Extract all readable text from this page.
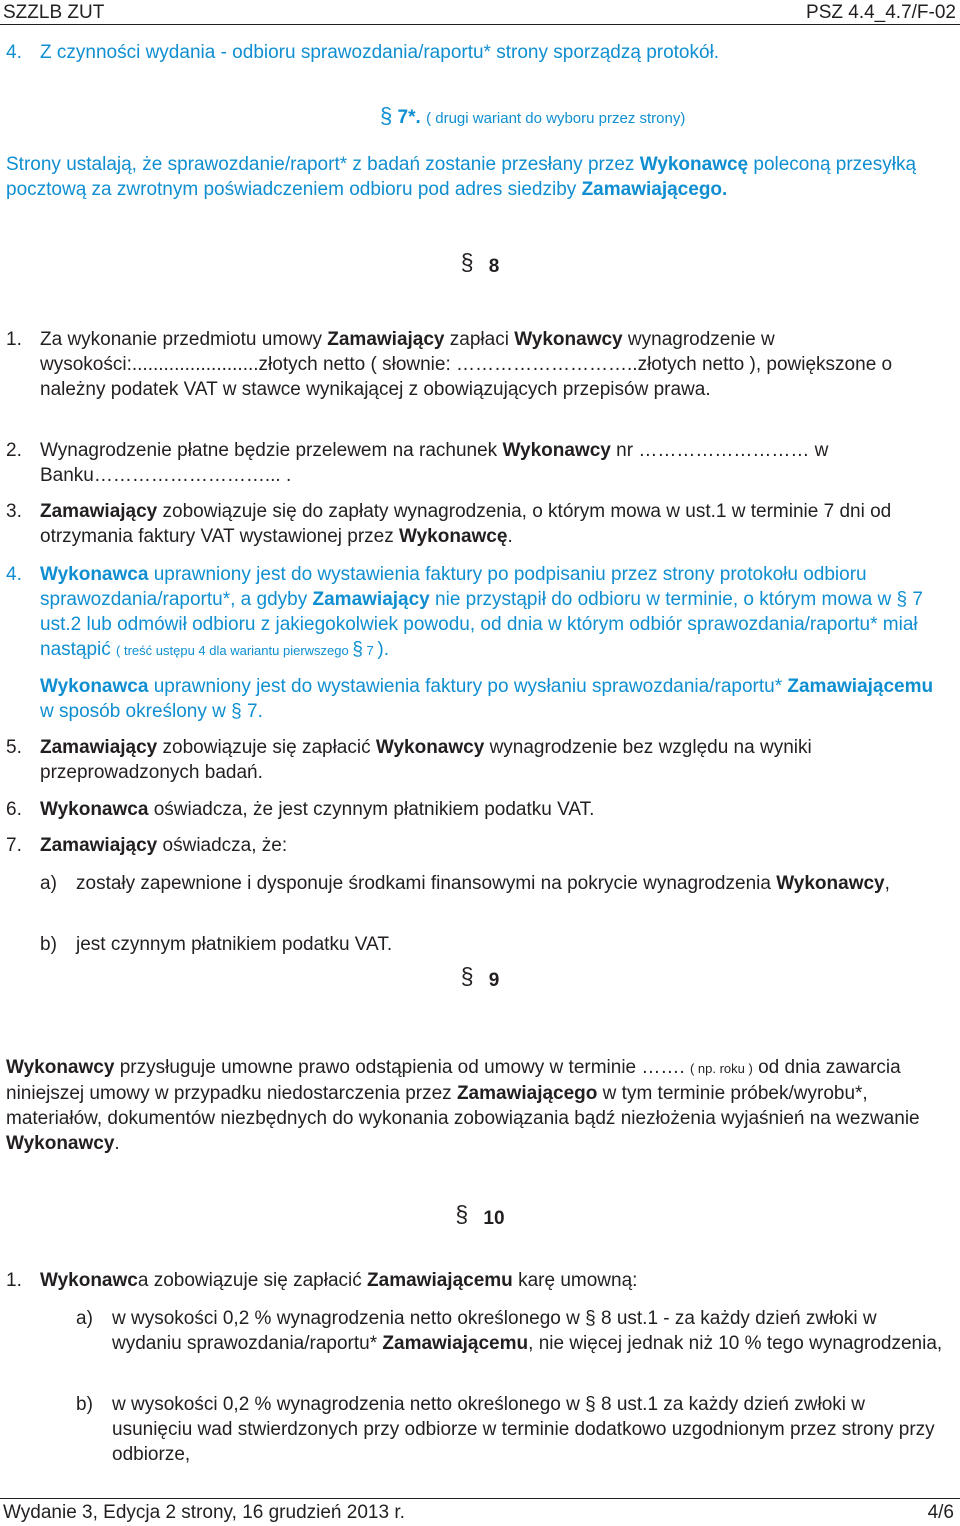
SZZLB ZUT	PSZ 4.4_4.7/F-02
4. Z czynności wydania - odbioru sprawozdania/raportu* strony sporządzą protokół.

§ 7*. ( drugi wariant do wyboru przez strony)

Strony ustalają, że sprawozdanie/raport* z badań zostanie przesłany przez Wykonawcę poleconą przesyłką pocztową za zwrotnym poświadczeniem odbioru pod adres siedziby Zamawiającego.

§ 8
1. Za wykonanie przedmiotu umowy Zamawiający zapłaci Wykonawcy wynagrodzenie w wysokości:........................złotych netto ( słownie: ………………………..złotych netto ), powiększone o należny podatek VAT w stawce wynikającej z obowiązujących przepisów prawa.

2. Wynagrodzenie płatne będzie przelewem na rachunek Wykonawcy nr ……………………… w Banku………………………... .

3. Zamawiający zobowiązuje się do zapłaty wynagrodzenia, o którym mowa w ust.1 w terminie 7 dni od otrzymania faktury VAT wystawionej przez Wykonawcę.

4. Wykonawca uprawniony jest do wystawienia faktury po podpisaniu przez strony protokołu odbioru sprawozdania/raportu*, a gdyby Zamawiający nie przystąpił do odbioru w terminie, o którym mowa w § 7 ust.2 lub odmówił odbioru z jakiegokolwiek powodu, od dnia w którym odbiór sprawozdania/raportu* miał nastąpić ( treść ustępu 4 dla wariantu pierwszego § 7 ).

Wykonawca uprawniony jest do wystawienia faktury po wysłaniu sprawozdania/raportu* Zamawiającemu w sposób określony w § 7.

5. Zamawiający zobowiązuje się zapłacić Wykonawcy wynagrodzenie bez względu na wyniki przeprowadzonych badań.

6. Wykonawca oświadcza, że jest czynnym płatnikiem podatku VAT.

7. Zamawiający oświadcza, że:

a) zostały zapewnione i dysponuje środkami finansowymi na pokrycie wynagrodzenia Wykonawcy,

b) jest czynnym płatnikiem podatku VAT.

§ 9

Wykonawcy przysługuje umowne prawo odstąpienia od umowy w terminie ……. ( np. roku ) od dnia zawarcia niniejszej umowy w przypadku niedostarczenia przez Zamawiającego w tym terminie próbek/wyrobu*, materiałów, dokumentów niezbędnych do wykonania zobowiązania bądź niezłożenia wyjaśnień na wezwanie Wykonawcy.

§ 10
1. Wykonawca zobowiązuje się zapłacić Zamawiającemu karę umowną:

a) w wysokości 0,2 % wynagrodzenia netto określonego w § 8 ust.1 - za każdy dzień zwłoki w wydaniu sprawozdania/raportu* Zamawiającemu, nie więcej jednak niż 10 % tego wynagrodzenia,

b) w wysokości 0,2 % wynagrodzenia netto określonego w § 8 ust.1 za każdy dzień zwłoki w usunięciu wad stwierdzonych przy odbiorze w terminie dodatkowo uzgodnionym przez strony przy odbiorze,

Wydanie 3, Edycja 2 strony, 16 grudzień 2013 r.	4/6
